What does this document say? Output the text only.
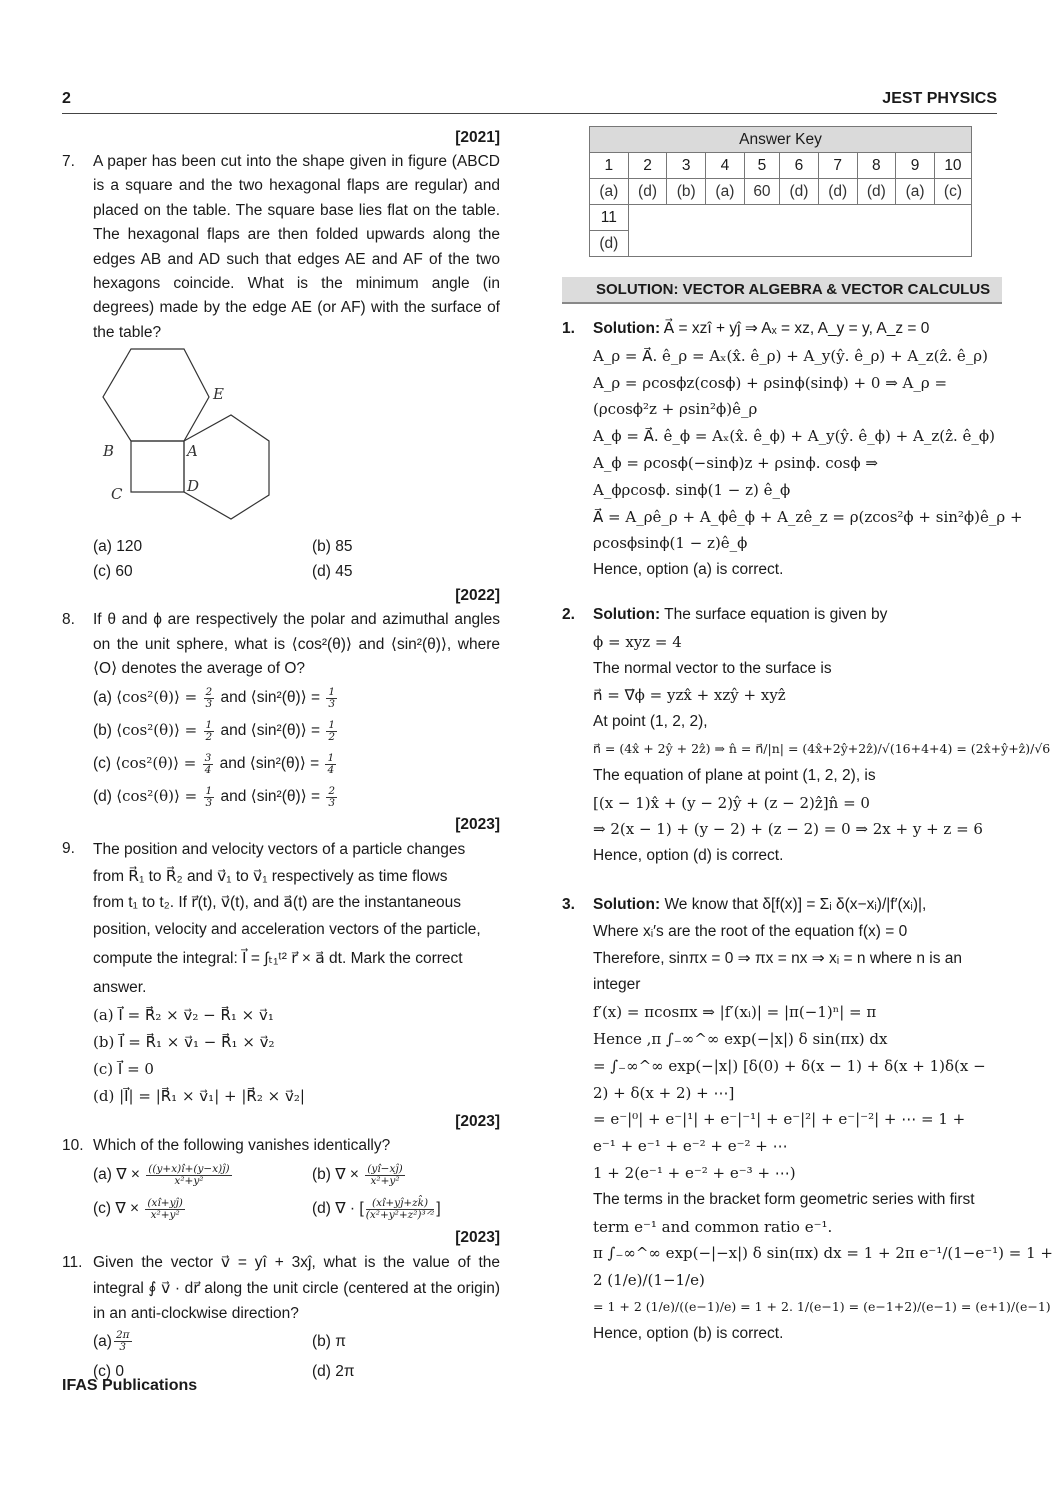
2	JEST PHYSICS
[2021]
7.	A paper has been cut into the shape given in figure (ABCD is a square and the two hexagonal flaps are regular) and placed on the table. The square base lies flat on the table. The hexagonal flaps are then folded upwards along the edges AB and AD such that edges AE and AF of the two hexagons coincide. What is the minimum angle (in degrees) made by the edge AE (or AF) with the surface of the table?
B	A
C	D
E
(a) 120	(b) 85
(c) 60	(d) 45
[2022]
8.	If θ and ϕ are respectively the polar and azimuthal angles on the unit sphere, what is ⟨cos²(θ)⟩ and ⟨sin²(θ)⟩, where ⟨O⟩ denotes the average of O?
(a) ⟨cos²(θ)⟩ = $\frac{2}{3}$ and ⟨sin²(θ)⟩ = $\frac{1}{3}$
(b) ⟨cos²(θ)⟩ = $\frac{1}{2}$ and ⟨sin²(θ)⟩ = $\frac{1}{2}$
(c) ⟨cos²(θ)⟩ = $\frac{3}{4}$ and ⟨sin²(θ)⟩ = $\frac{1}{4}$
(d) ⟨cos²(θ)⟩ = $\frac{1}{3}$ and ⟨sin²(θ)⟩ = $\frac{2}{3}$
[2023]
9.	The position and velocity vectors of a particle changes
from R⃗₁ to R⃗₂ and v⃗₁ to v⃗₁ respectively as time flows
from t₁ to t₂. If r⃗(t), v⃗(t), and a⃗(t) are the instantaneous
position, velocity and acceleration vectors of the particle,
compute the integral: I⃗ = ∫ₜ₁ᵗ² r⃗ × a⃗ dt. Mark the correct
answer.
(a) I⃗ = R⃗₂ × v⃗₂ − R⃗₁ × v⃗₁
(b) I⃗ = R⃗₁ × v⃗₁ − R⃗₁ × v⃗₂
(c) I⃗ = 0
(d) |I⃗| = |R⃗₁ × v⃗₁| + |R⃗₂ × v⃗₂|
[2023]
10. Which of the following vanishes identically?
(a) ∇ × $\frac{((y+x)î+(y-x)ĵ)}{\text{x²+y²}}$	(b) ∇ × $\frac{(yî-xĵ)}{\text{x²+y²}}$
(c) ∇ × $\frac{(xî+yĵ)}{\text{x²+y²}}$	(d) ∇ · [ $\frac{(xî+yĵ+zk̂)}{\text{(x²+y²+z²)³ᐟ²}}$ ]
[2023]
11. Given the vector v⃗ = yî + 3xĵ, what is the value of the integral ∮ v⃗ · dr⃗ along the unit circle (centered at the origin) in an anti-clockwise direction?
$(a) \frac{2\pi}{3}$	(b) π
(c) 0	(d) 2π
Answer Key									
1	2	3	4	5	6	7	8	9	10
(a)	(d)	(b)	(a)	60	(d)	(d)	(d)	(a)	(c)
11									
(d)									
SOLUTION: VECTOR ALGEBRA & VECTOR CALCULUS
1.	Solution: A⃗ = xzî + yĵ ⇒ Aₓ = xz, A_y = y, A_z = 0
A_ρ = A⃗. ê_ρ = Aₓ(x̂. ê_ρ) + A_y(ŷ. ê_ρ) + A_z(ẑ. ê_ρ)
A_ρ = ρcosϕz(cosϕ) + ρsinϕ(sinϕ) + 0 ⇒ A_ρ =
(ρcosϕ²z + ρsin²ϕ)ê_ρ
A_ϕ = A⃗. ê_ϕ = Aₓ(x̂. ê_ϕ) + A_y(ŷ. ê_ϕ) + A_z(ẑ. ê_ϕ)
A_ϕ = ρcosϕ(−sinϕ)z + ρsinϕ. cosϕ ⇒
A_ϕρcosϕ. sinϕ(1 − z) ê_ϕ
A⃗ = A_ρê_ρ + A_ϕê_ϕ + A_zê_z = ρ(zcos²ϕ + sin²ϕ)ê_ρ +
ρcosϕsinϕ(1 − z)ê_ϕ
Hence, option (a) is correct.
2.	Solution: The surface equation is given by
ϕ = xyz = 4
The normal vector to the surface is
n⃗ = ∇⃗ϕ = yzx̂ + xzŷ + xyẑ
At point (1, 2, 2),
n⃗ = (4x̂ + 2ŷ + 2ẑ) ⇒ n̂ = n⃗/|n| = (4x̂+2ŷ+2ẑ)/√(16+4+4) = (2x̂+ŷ+ẑ)/√6
The equation of plane at point (1, 2, 2), is
[(x − 1)x̂ + (y − 2)ŷ + (z − 2)ẑ]n̂ = 0
⇒ 2(x − 1) + (y − 2) + (z − 2) = 0 ⇒ 2x + y + z = 6
Hence, option (d) is correct.
3.	Solution: We know that δ[f(x)] = Σᵢ δ(x−xᵢ)/|f′(xᵢ)|,
Where xᵢ′s are the root of the equation f(x) = 0
Therefore, sinπx = 0 ⇒ πx = nx ⇒ xᵢ = n where n is an
integer
f′(x) = πcosπx ⇒ |f′(xᵢ)| = |π(−1)ⁿ| = π
Hence ,π ∫₋∞^∞ exp(−|x|) δ sin(πx) dx
= ∫₋∞^∞ exp(−|x|) [δ(0) + δ(x − 1) + δ(x + 1)δ(x −
2) + δ(x + 2) + ⋯]
= e⁻|⁰| + e⁻|¹| + e⁻|⁻¹| + e⁻|²| + e⁻|⁻²| + ⋯ = 1 +
e⁻¹ + e⁻¹ + e⁻² + e⁻² + ⋯
1 + 2(e⁻¹ + e⁻² + e⁻³ + ⋯)
The terms in the bracket form geometric series with first
term e⁻¹ and common ratio e⁻¹.
π ∫₋∞^∞ exp(−|−x|) δ sin(πx) dx = 1 + 2π e⁻¹/(1−e⁻¹) = 1 +
2 (1/e)/(1−1/e)
= 1 + 2 (1/e)/((e−1)/e) = 1 + 2. 1/(e−1) = (e−1+2)/(e−1) = (e+1)/(e−1)
Hence, option (b) is correct.
IFAS Publications
